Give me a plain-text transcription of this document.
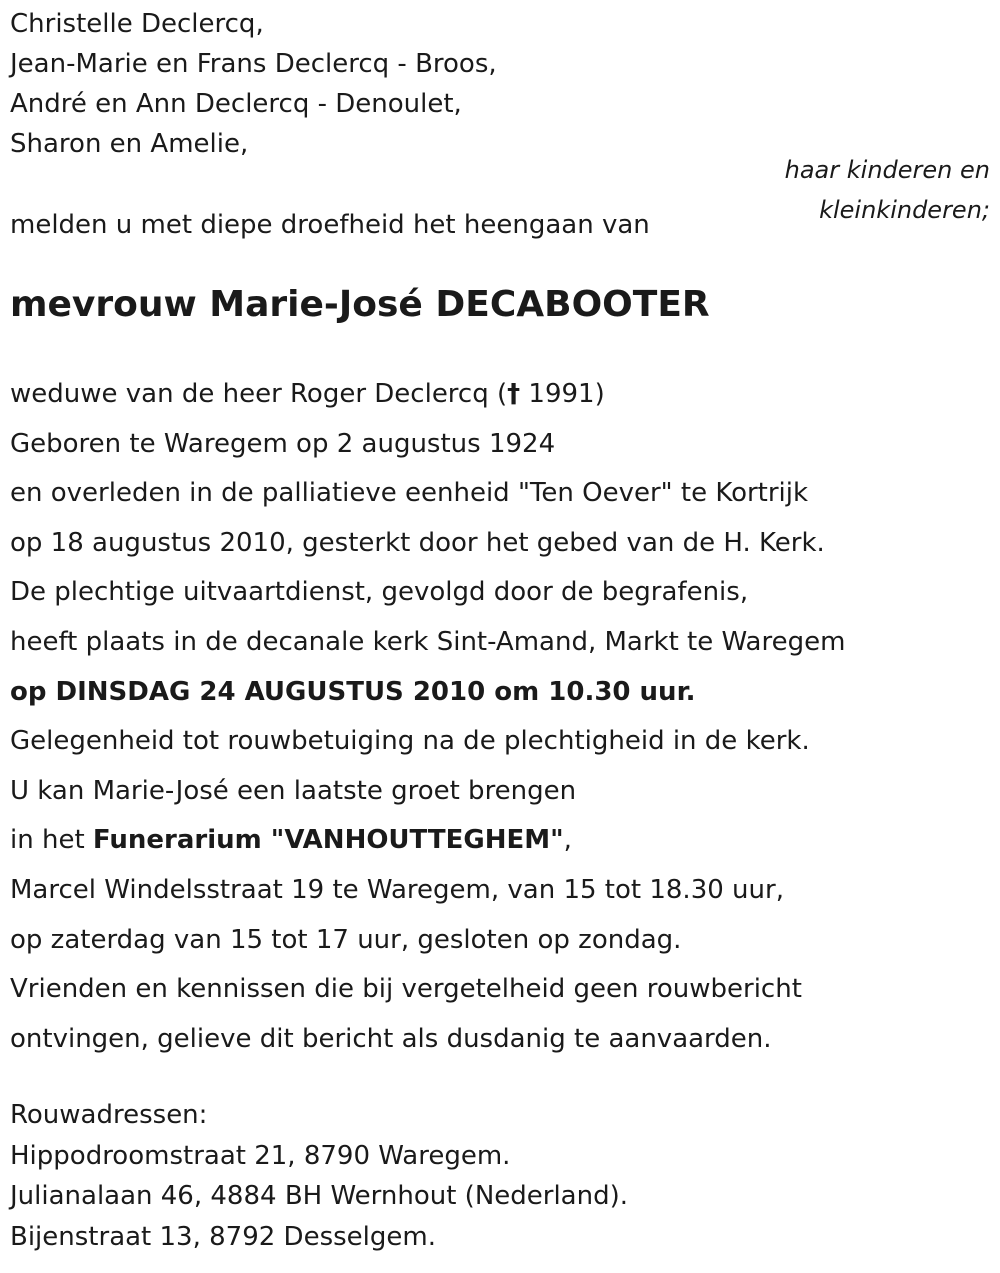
Christelle Declercq,
Jean-Marie en Frans Declercq - Broos,
André en Ann Declercq - Denoulet,
Sharon en Amelie,
haar kinderen en
kleinkinderen;
melden u met diepe droefheid het heengaan van
mevrouw Marie-José DECABOOTER
weduwe van de heer Roger Declercq († 1991)
Geboren te Waregem op 2 augustus 1924
en overleden in de palliatieve eenheid "Ten Oever" te Kortrijk
op 18 augustus 2010, gesterkt door het gebed van de H. Kerk.
De plechtige uitvaartdienst, gevolgd door de begrafenis,
heeft plaats in de decanale kerk Sint-Amand, Markt te Waregem
op DINSDAG 24 AUGUSTUS 2010 om 10.30 uur.
Gelegenheid tot rouwbetuiging na de plechtigheid in de kerk.
U kan Marie-José een laatste groet brengen
in het Funerarium "VANHOUTTEGHEM",
Marcel Windelsstraat 19 te Waregem, van 15 tot 18.30 uur,
op zaterdag van 15 tot 17 uur, gesloten op zondag.
Vrienden en kennissen die bij vergetelheid geen rouwbericht
ontvingen, gelieve dit bericht als dusdanig te aanvaarden.
Rouwadressen:
Hippodroomstraat 21, 8790 Waregem.
Julianalaan 46, 4884 BH Wernhout (Nederland).
Bijenstraat 13, 8792 Desselgem.
